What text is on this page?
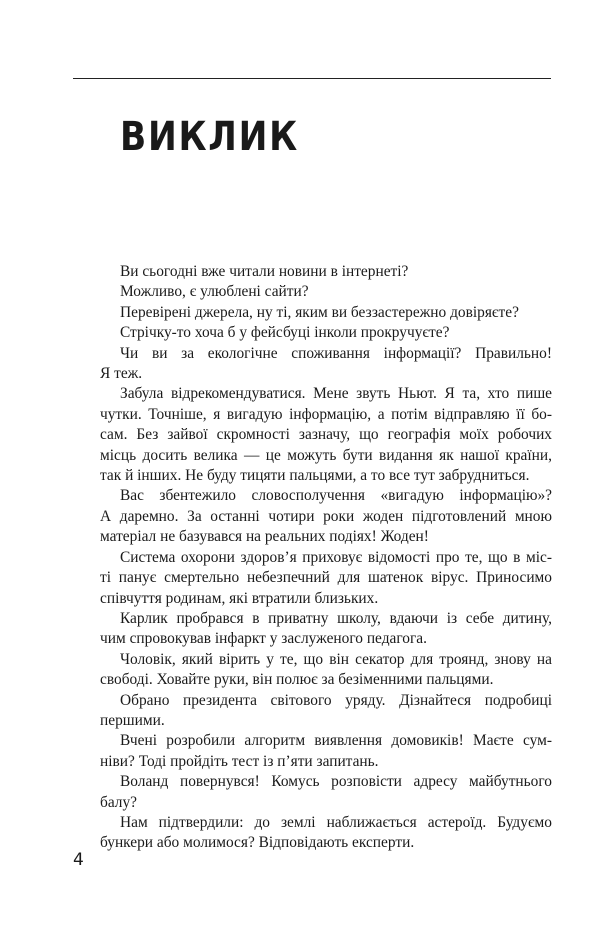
ВИКЛИК

Ви сьогодні вже читали новини в інтернеті?

Можливо, є улюблені сайти?

Перевірені джерела, ну ті, яким ви беззастережно довіряєте?

Стрічку-то хоча б у фейсбуці інколи прокручуєте?

Чи ви за екологічне споживання інформації? Правильно!
Я теж.

Забула відрекомендуватися. Мене звуть Ньют. Я та, хто пише
чутки. Точніше, я вигадую інформацію, а потім відправляю її бо-
сам. Без зайвої скромності зазначу, що географія моїх робочих
місць досить велика — це можуть бути видання як нашої країни,
так й інших. Не буду тицяти пальцями, а то все тут забрудниться.

Вас збентежило словосполучення «вигадую інформацію»?
А даремно. За останні чотири роки жоден підготовлений мною
матеріал не базувався на реальних подіях! Жоден!

Система охорони здоров’я приховує відомості про те, що в міс-
ті панує смертельно небезпечний для шатенок вірус. Приносимо
співчуття родинам, які втратили близьких.

Карлик пробрався в приватну школу, вдаючи із себе дитину,
чим спровокував інфаркт у заслуженого педагога.

Чоловік, який вірить у те, що він секатор для троянд, знову на
свободі. Ховайте руки, він полює за безіменними пальцями.

Обрано президента світового уряду. Дізнайтеся подробиці
першими.

Вчені розробили алгоритм виявлення домовиків! Маєте сум-
ніви? Тоді пройдіть тест із п’яти запитань.

Воланд повернувся! Комусь розповісти адресу майбутнього
балу?

Нам підтвердили: до землі наближається астероїд. Будуємо
бункери або молимося? Відповідають експерти.

4
